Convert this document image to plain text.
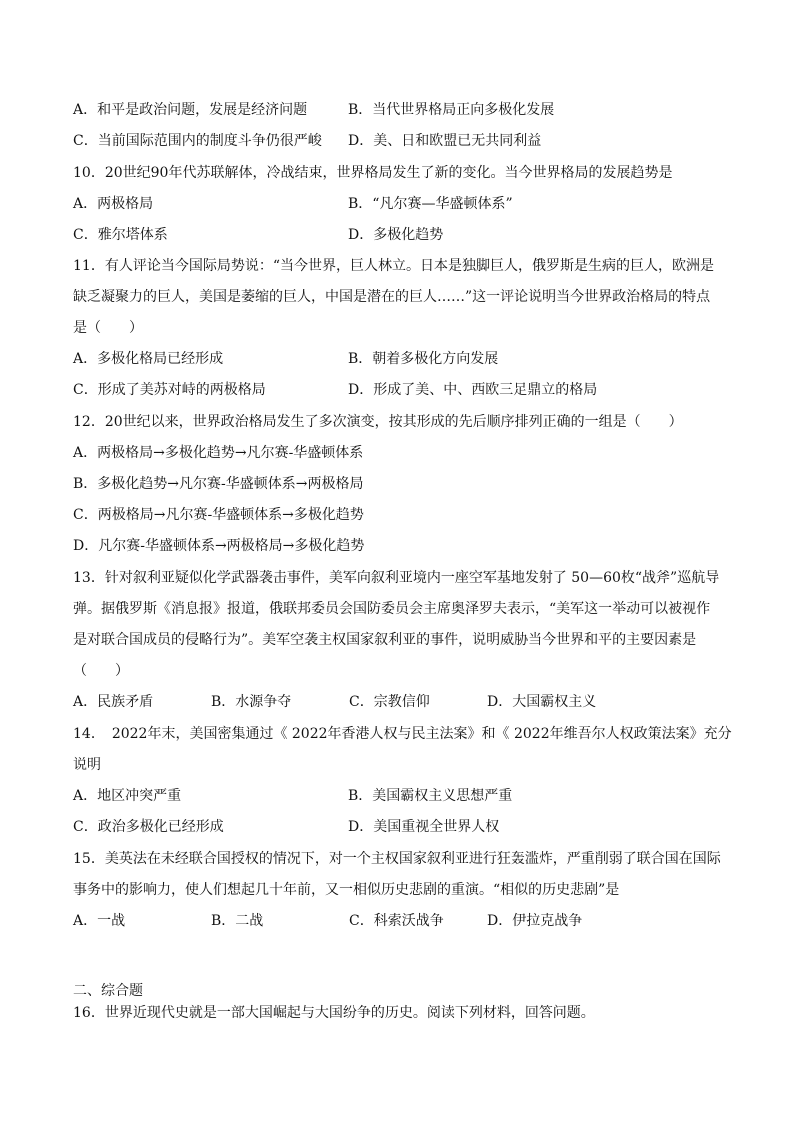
A．和平是政治问题，发展是经济问题	B．当代世界格局正向多极化发展
C．当前国际范围内的制度斗争仍很严峻 D．美、日和欧盟已无共同利益
10．20世纪90年代苏联解体，冷战结束，世界格局发生了新的变化。当今世界格局的发展趋势是
A．两极格局	B．“凡尔赛—华盛顿体系”
C．雅尔塔体系	D．多极化趋势
11．有人评论当今国际局势说：“当今世界，巨人林立。日本是独脚巨人，俄罗斯是生病的巨人，欧洲是
缺乏凝聚力的巨人，美国是萎缩的巨人，中国是潜在的巨人……”这一评论说明当今世界政治格局的特点
是（　　）
A．多极化格局已经形成	B．朝着多极化方向发展
C．形成了美苏对峙的两极格局	D．形成了美、中、西欧三足鼎立的格局
12．20世纪以来，世界政治格局发生了多次演变，按其形成的先后顺序排列正确的一组是（　　）
A．两极格局→多极化趋势→凡尔赛-华盛顿体系
B．多极化趋势→凡尔赛-华盛顿体系→两极格局
C．两极格局→凡尔赛-华盛顿体系→多极化趋势
D．凡尔赛-华盛顿体系→两极格局→多极化趋势
13．针对叙利亚疑似化学武器袭击事件，美军向叙利亚境内一座空军基地发射了 50—60枚“战斧”巡航导
弹。据俄罗斯《消息报》报道，俄联邦委员会国防委员会主席奥泽罗夫表示，“美军这一举动可以被视作
是对联合国成员的侵略行为”。美军空袭主权国家叙利亚的事件，说明威胁当今世界和平的主要因素是
（　　）
A．民族矛盾	B．水源争夺	C．宗教信仰	D．大国霸权主义
14．　2022年末，美国密集通过《 2022年香港人权与民主法案》和《 2022年维吾尔人权政策法案》充分
说明
A．地区冲突严重	B．美国霸权主义思想严重
C．政治多极化已经形成	D．美国重视全世界人权
15．美英法在未经联合国授权的情况下，对一个主权国家叙利亚进行狂轰滥炸，严重削弱了联合国在国际
事务中的影响力，使人们想起几十年前，又一相似历史悲剧的重演。“相似的历史悲剧”是
A．一战	B．二战	C．科索沃战争	D．伊拉克战争
二、综合题
16．世界近现代史就是一部大国崛起与大国纷争的历史。阅读下列材料，回答问题。
